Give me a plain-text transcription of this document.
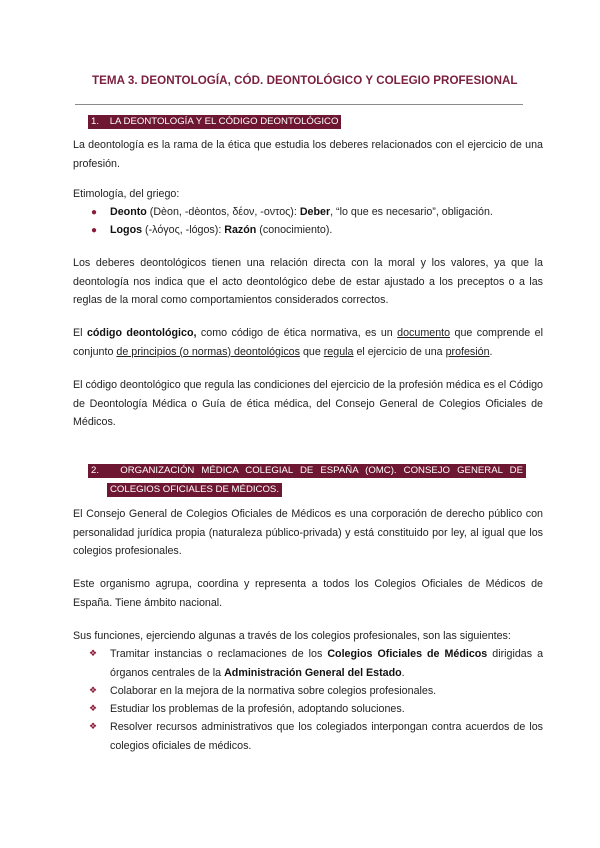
TEMA 3. DEONTOLOGÍA, CÓD. DEONTOLÓGICO Y COLEGIO PROFESIONAL
1. LA DEONTOLOGÍA Y EL CÓDIGO DEONTOLÓGICO
La deontología es la rama de la ética que estudia los deberes relacionados con el ejercicio de una profesión.
Etimología, del griego:
● Deonto (Dèon, -dèontos, δέον, -οντος): Deber, “lo que es necesario”, obligación.
● Logos (-λόγος, -lógos): Razón (conocimiento).
Los deberes deontológicos tienen una relación directa con la moral y los valores, ya que la deontología nos indica que el acto deontológico debe de estar ajustado a los preceptos o a las reglas de la moral como comportamientos considerados correctos.
El código deontológico, como código de ética normativa, es un documento que comprende el conjunto de principios (o normas) deontológicos que regula el ejercicio de una profesión.
El código deontológico que regula las condiciones del ejercicio de la profesión médica es el Código de Deontología Médica o Guía de ética médica, del Consejo General de Colegios Oficiales de Médicos.
2. ORGANIZACIÓN MÉDICA COLEGIAL DE ESPAÑA (OMC). CONSEJO GENERAL DE
COLEGIOS OFICIALES DE MÉDICOS.
El Consejo General de Colegios Oficiales de Médicos es una corporación de derecho público con personalidad jurídica propia (naturaleza público-privada) y está constituido por ley, al igual que los colegios profesionales.
Este organismo agrupa, coordina y representa a todos los Colegios Oficiales de Médicos de España. Tiene ámbito nacional.
Sus funciones, ejerciendo algunas a través de los colegios profesionales, son las siguientes:
❖ Tramitar instancias o reclamaciones de los Colegios Oficiales de Médicos dirigidas a órganos centrales de la Administración General del Estado.
❖ Colaborar en la mejora de la normativa sobre colegios profesionales.
❖ Estudiar los problemas de la profesión, adoptando soluciones.
❖ Resolver recursos administrativos que los colegiados interpongan contra acuerdos de los colegios oficiales de médicos.
